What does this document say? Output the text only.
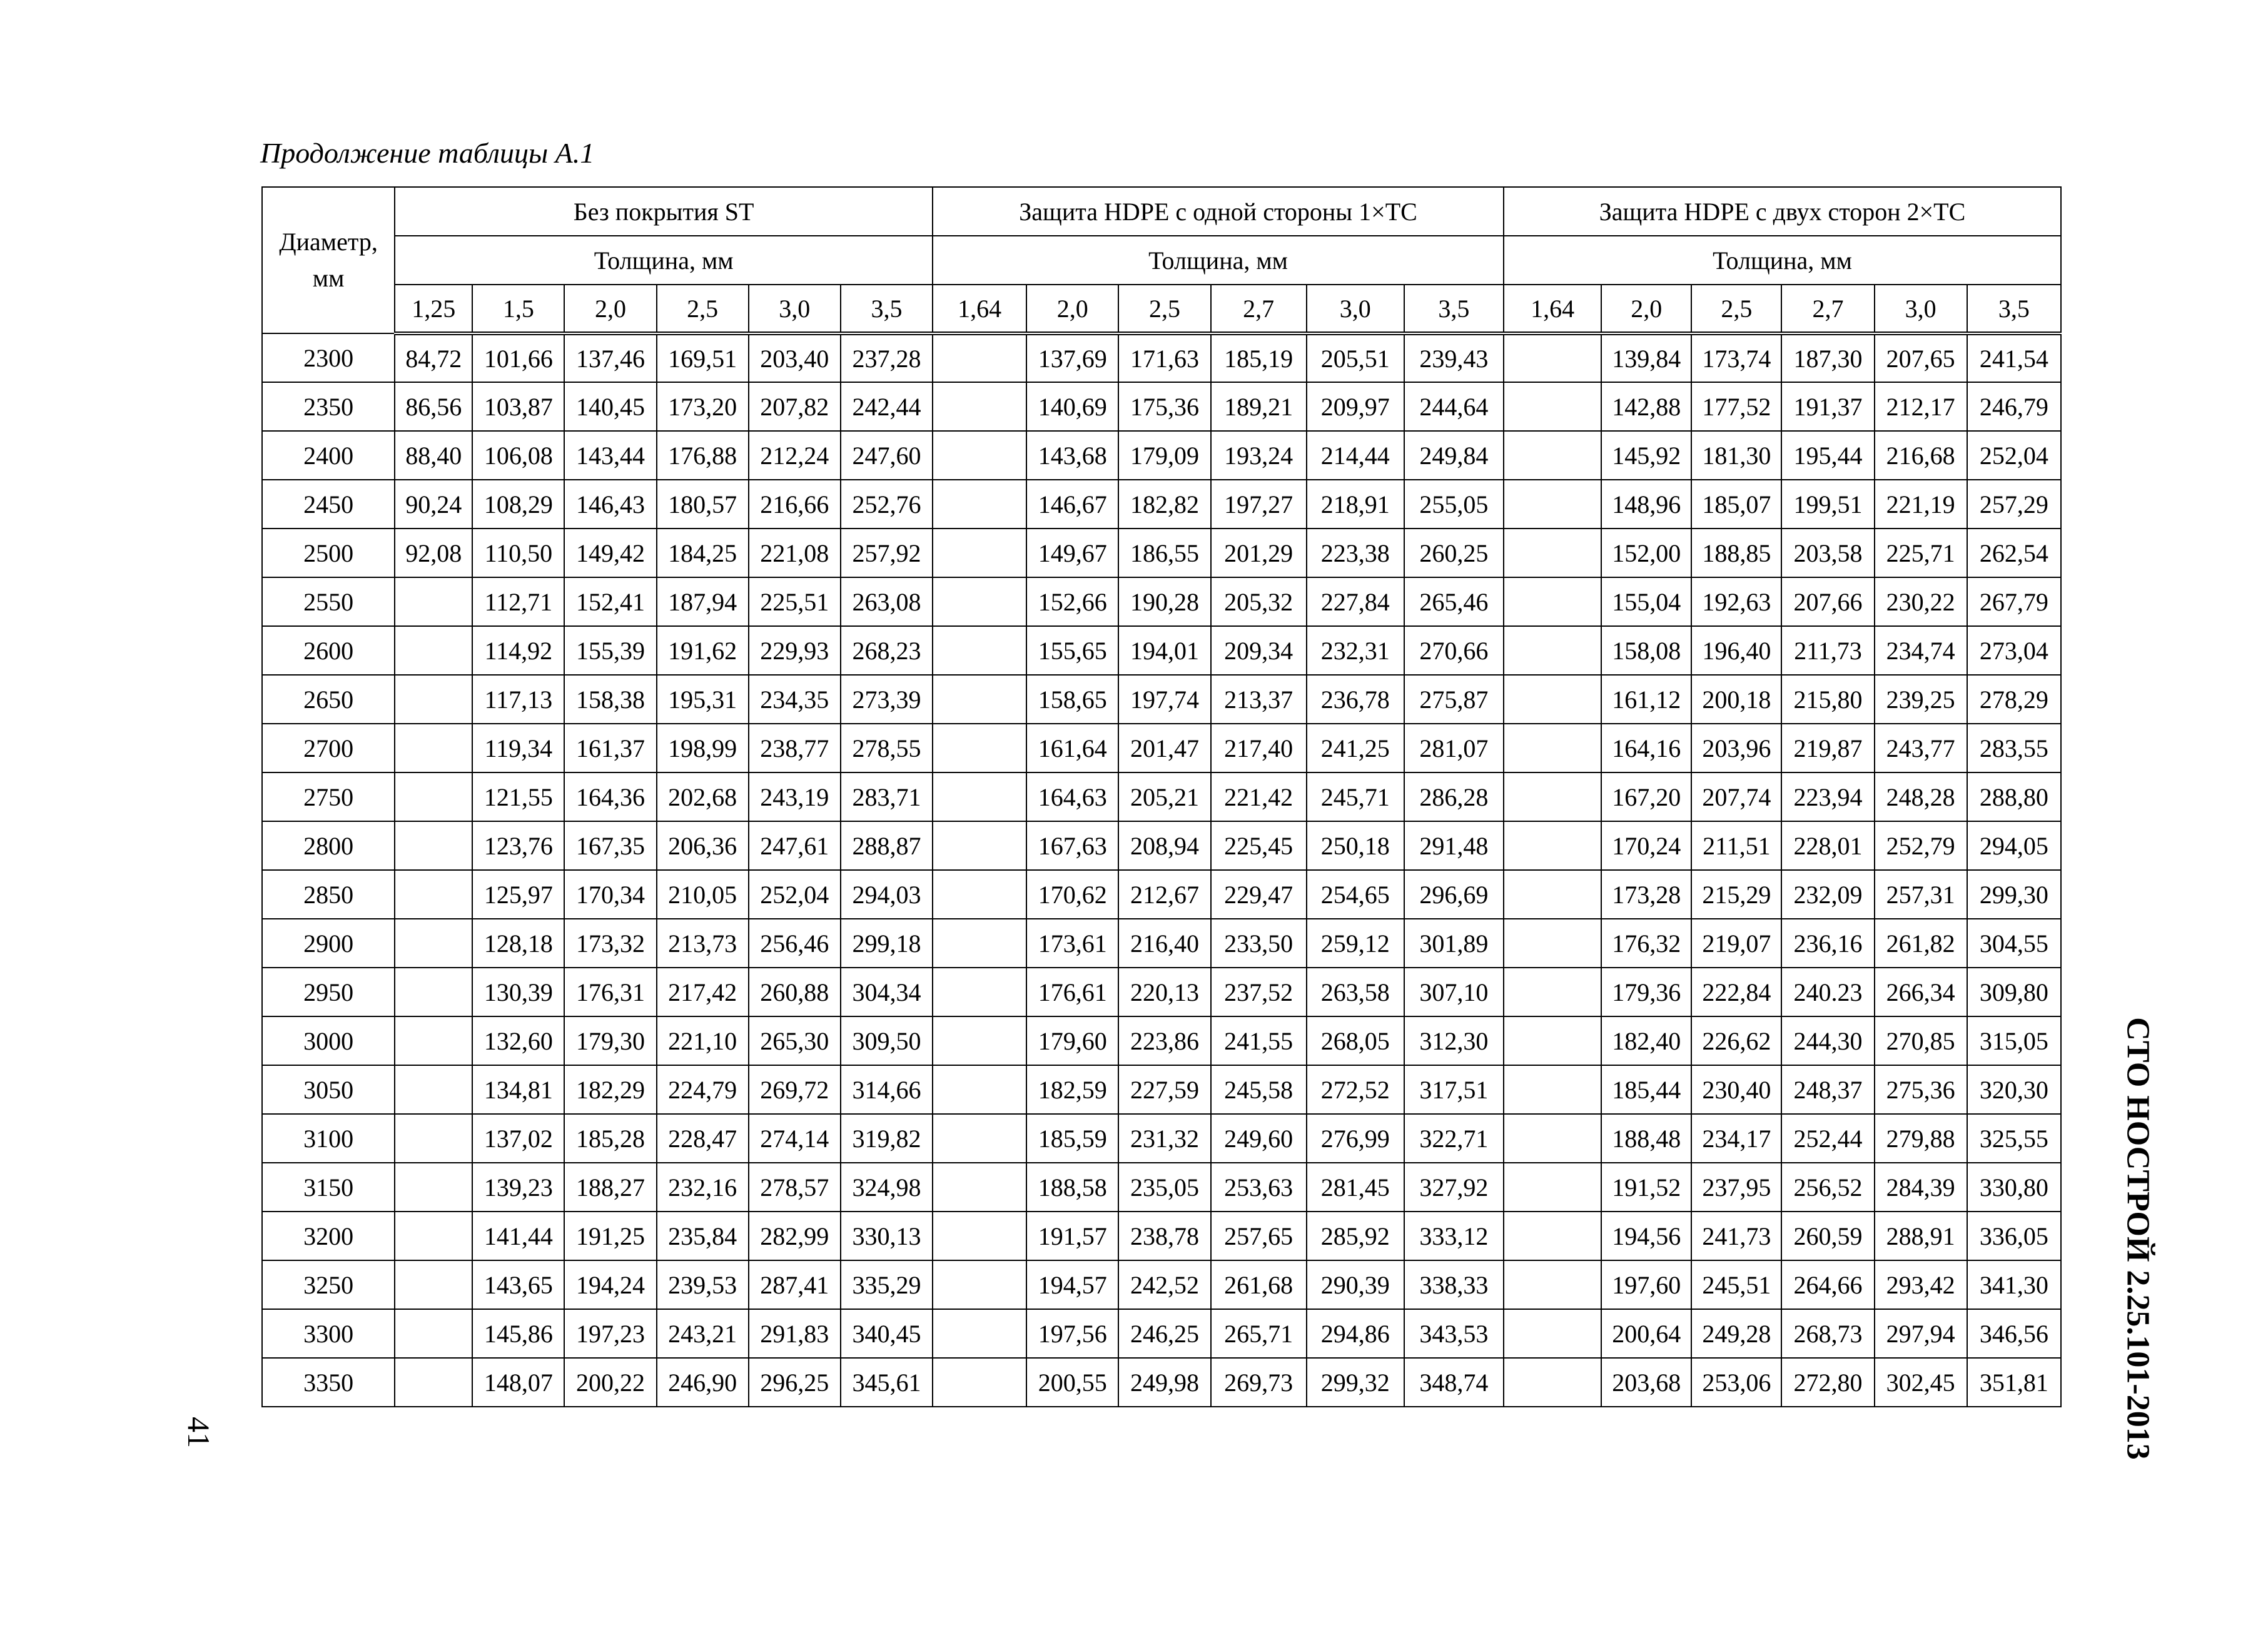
Продолжение таблицы А.1
Диаметр, мм	Без покрытия ST						Защита HDPE с одной стороны 1×TC						Защита HDPE с двух сторон 2×TC					
	Толщина, мм						Толщина, мм						Толщина, мм					
	1,25	1,5	2,0	2,5	3,0	3,5	1,64	2,0	2,5	2,7	3,0	3,5	1,64	2,0	2,5	2,7	3,0	3,5
2300	84,72	101,66	137,46	169,51	203,40	237,28		137,69	171,63	185,19	205,51	239,43		139,84	173,74	187,30	207,65	241,54
2350	86,56	103,87	140,45	173,20	207,82	242,44		140,69	175,36	189,21	209,97	244,64		142,88	177,52	191,37	212,17	246,79
2400	88,40	106,08	143,44	176,88	212,24	247,60		143,68	179,09	193,24	214,44	249,84		145,92	181,30	195,44	216,68	252,04
2450	90,24	108,29	146,43	180,57	216,66	252,76		146,67	182,82	197,27	218,91	255,05		148,96	185,07	199,51	221,19	257,29
2500	92,08	110,50	149,42	184,25	221,08	257,92		149,67	186,55	201,29	223,38	260,25		152,00	188,85	203,58	225,71	262,54
2550		112,71	152,41	187,94	225,51	263,08		152,66	190,28	205,32	227,84	265,46		155,04	192,63	207,66	230,22	267,79
2600		114,92	155,39	191,62	229,93	268,23		155,65	194,01	209,34	232,31	270,66		158,08	196,40	211,73	234,74	273,04
2650		117,13	158,38	195,31	234,35	273,39		158,65	197,74	213,37	236,78	275,87		161,12	200,18	215,80	239,25	278,29
2700		119,34	161,37	198,99	238,77	278,55		161,64	201,47	217,40	241,25	281,07		164,16	203,96	219,87	243,77	283,55
2750		121,55	164,36	202,68	243,19	283,71		164,63	205,21	221,42	245,71	286,28		167,20	207,74	223,94	248,28	288,80
2800		123,76	167,35	206,36	247,61	288,87		167,63	208,94	225,45	250,18	291,48		170,24	211,51	228,01	252,79	294,05
2850		125,97	170,34	210,05	252,04	294,03		170,62	212,67	229,47	254,65	296,69		173,28	215,29	232,09	257,31	299,30
2900		128,18	173,32	213,73	256,46	299,18		173,61	216,40	233,50	259,12	301,89		176,32	219,07	236,16	261,82	304,55
2950		130,39	176,31	217,42	260,88	304,34		176,61	220,13	237,52	263,58	307,10		179,36	222,84	240.23	266,34	309,80
3000		132,60	179,30	221,10	265,30	309,50		179,60	223,86	241,55	268,05	312,30		182,40	226,62	244,30	270,85	315,05
3050		134,81	182,29	224,79	269,72	314,66		182,59	227,59	245,58	272,52	317,51		185,44	230,40	248,37	275,36	320,30
3100		137,02	185,28	228,47	274,14	319,82		185,59	231,32	249,60	276,99	322,71		188,48	234,17	252,44	279,88	325,55
3150		139,23	188,27	232,16	278,57	324,98		188,58	235,05	253,63	281,45	327,92		191,52	237,95	256,52	284,39	330,80
3200		141,44	191,25	235,84	282,99	330,13		191,57	238,78	257,65	285,92	333,12		194,56	241,73	260,59	288,91	336,05
3250		143,65	194,24	239,53	287,41	335,29		194,57	242,52	261,68	290,39	338,33		197,60	245,51	264,66	293,42	341,30
3300		145,86	197,23	243,21	291,83	340,45		197,56	246,25	265,71	294,86	343,53		200,64	249,28	268,73	297,94	346,56
3350		148,07	200,22	246,90	296,25	345,61		200,55	249,98	269,73	299,32	348,74		203,68	253,06	272,80	302,45	351,81
41	СТО НОСТРОЙ 2.25.101-2013
